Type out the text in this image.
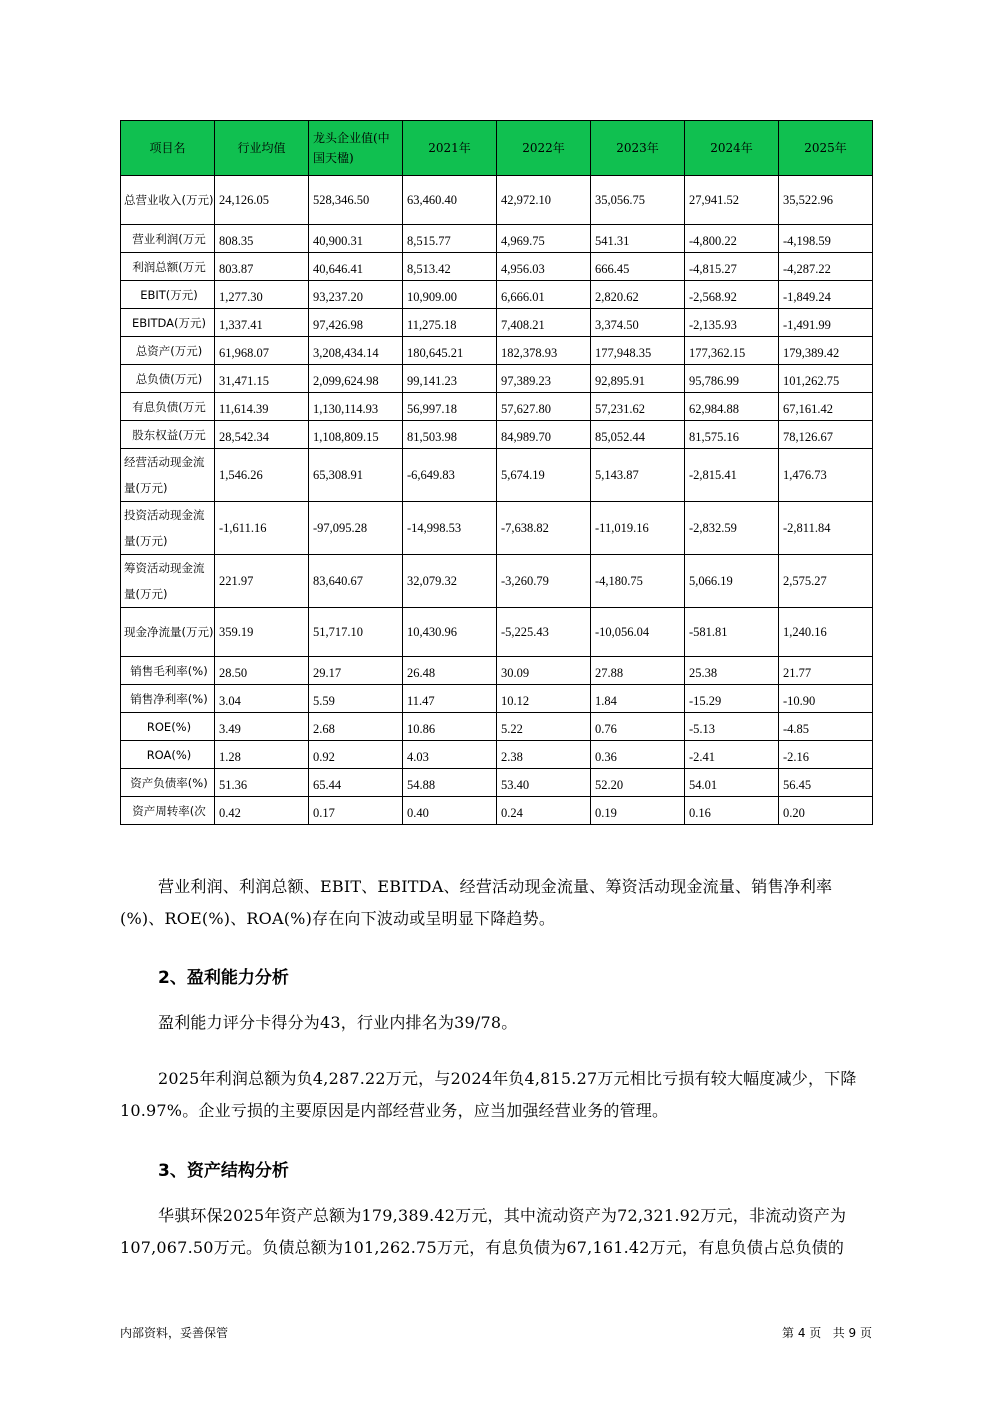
项目名	行业均值	龙头企业值(中国天楹)	2021年	2022年	2023年	2024年	2025年
总营业收入(万元)	24,126.05	528,346.50	63,460.40	42,972.10	35,056.75	27,941.52	35,522.96
营业利润(万元	808.35	40,900.31	8,515.77	4,969.75	541.31	-4,800.22	-4,198.59
利润总额(万元	803.87	40,646.41	8,513.42	4,956.03	666.45	-4,815.27	-4,287.22
EBIT(万元)	1,277.30	93,237.20	10,909.00	6,666.01	2,820.62	-2,568.92	-1,849.24
EBITDA(万元)	1,337.41	97,426.98	11,275.18	7,408.21	3,374.50	-2,135.93	-1,491.99
总资产(万元)	61,968.07	3,208,434.14	180,645.21	182,378.93	177,948.35	177,362.15	179,389.42
总负债(万元)	31,471.15	2,099,624.98	99,141.23	97,389.23	92,895.91	95,786.99	101,262.75
有息负债(万元	11,614.39	1,130,114.93	56,997.18	57,627.80	57,231.62	62,984.88	67,161.42
股东权益(万元	28,542.34	1,108,809.15	81,503.98	84,989.70	85,052.44	81,575.16	78,126.67
经营活动现金流量(万元)	1,546.26	65,308.91	-6,649.83	5,674.19	5,143.87	-2,815.41	1,476.73
投资活动现金流量(万元)	-1,611.16	-97,095.28	-14,998.53	-7,638.82	-11,019.16	-2,832.59	-2,811.84
筹资活动现金流量(万元)	221.97	83,640.67	32,079.32	-3,260.79	-4,180.75	5,066.19	2,575.27
现金净流量(万元)	359.19	51,717.10	10,430.96	-5,225.43	-10,056.04	-581.81	1,240.16
销售毛利率(%)	28.50	29.17	26.48	30.09	27.88	25.38	21.77
销售净利率(%)	3.04	5.59	11.47	10.12	1.84	-15.29	-10.90
ROE(%)	3.49	2.68	10.86	5.22	0.76	-5.13	-4.85
ROA(%)	1.28	0.92	4.03	2.38	0.36	-2.41	-2.16
资产负债率(%)	51.36	65.44	54.88	53.40	52.20	54.01	56.45
资产周转率(次	0.42	0.17	0.40	0.24	0.19	0.16	0.20

营业利润、利润总额、EBIT、EBITDA、经营活动现金流量、筹资活动现金流量、销售净利率(%)、ROE(%)、ROA(%)存在向下波动或呈明显下降趋势。

2、盈利能力分析

盈利能力评分卡得分为43，行业内排名为39/78。

2025年利润总额为负4,287.22万元，与2024年负4,815.27万元相比亏损有较大幅度减少，下降10.97%。企业亏损的主要原因是内部经营业务，应当加强经营业务的管理。

3、资产结构分析

华骐环保2025年资产总额为179,389.42万元，其中流动资产为72,321.92万元，非流动资产为107,067.50万元。负债总额为101,262.75万元，有息负债为67,161.42万元，有息负债占总负债的

内部资料，妥善保管	第 4 页   共 9 页
